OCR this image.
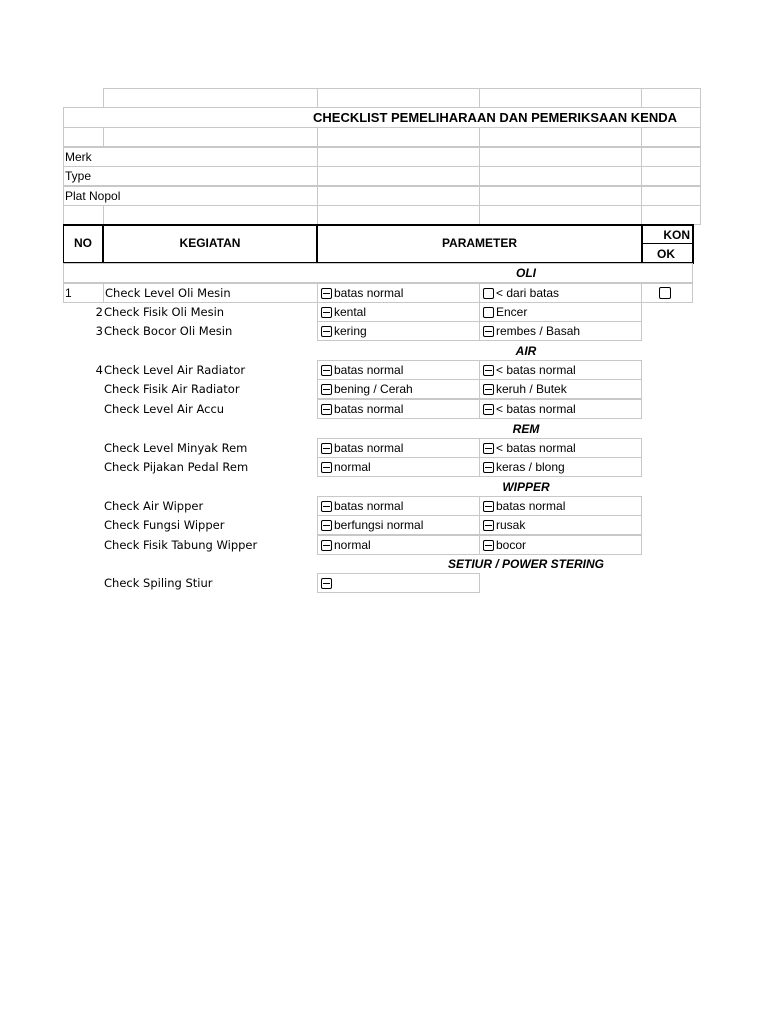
CHECKLIST PEMELIHARAAN DAN PEMERIKSAAN KENDA
Merk
Type
Plat Nopol
NO	KEGIATAN	PARAMETER
KON
OK
OLI
1	Check Level Oli Mesin	batas normal	< dari batas
2 Check Fisik Oli Mesin	kental	Encer
3 Check Bocor Oli Mesin	kering	rembes / Basah
AIR
4 Check Level Air Radiator	batas normal	< batas normal
Check Fisik Air Radiator	bening / Cerah	keruh / Butek
Check Level Air Accu	batas normal	< batas normal
REM
Check Level Minyak Rem	batas normal	< batas normal
Check Pijakan Pedal Rem	normal	keras / blong
WIPPER
Check Air Wipper	batas normal	batas normal
Check Fungsi Wipper	berfungsi normal	rusak
Check Fisik Tabung Wipper	normal	bocor
SETIUR / POWER STERING
Check Spiling Stiur
